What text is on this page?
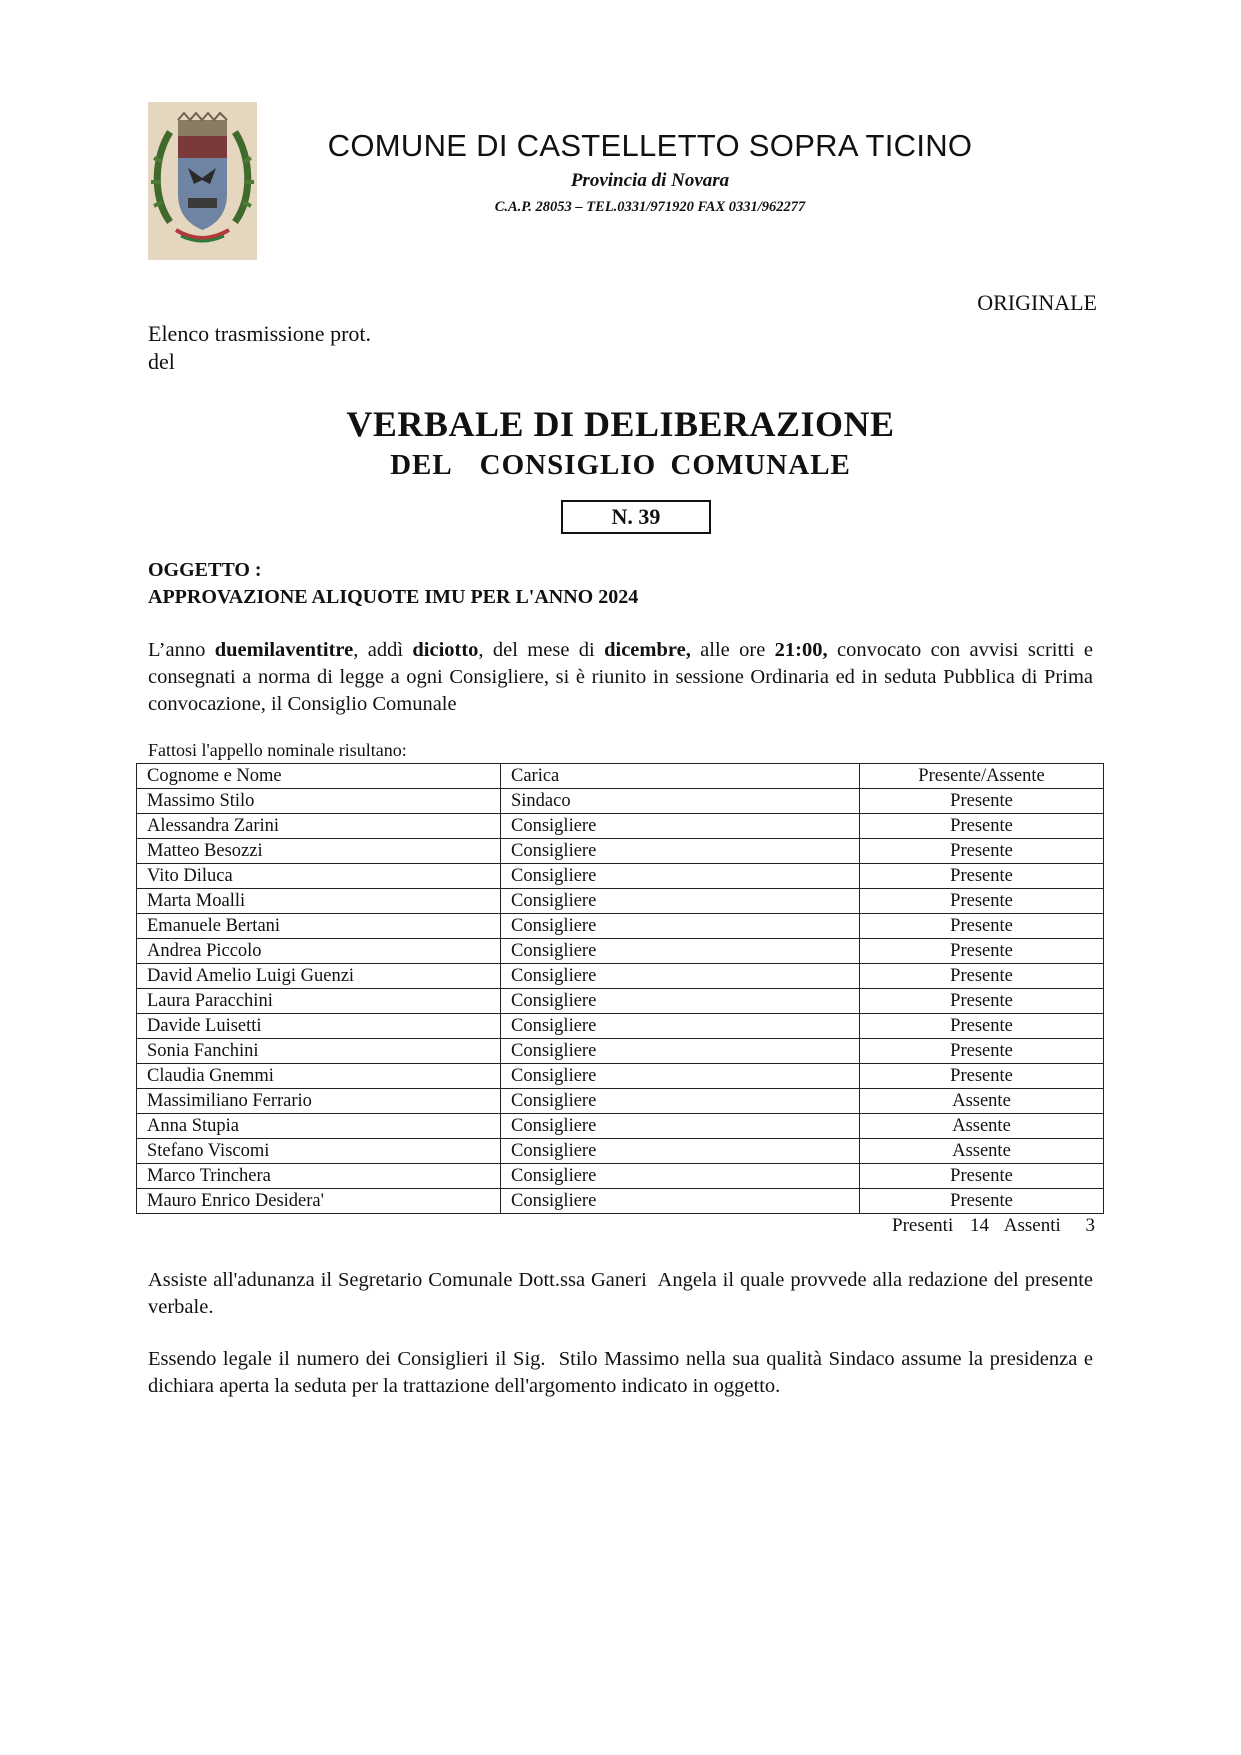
COMUNE DI CASTELLETTO SOPRA TICINO
Provincia di Novara
C.A.P. 28053 – TEL.0331/971920 FAX 0331/962277
ORIGINALE
Elenco trasmissione prot.
del
VERBALE DI DELIBERAZIONE
DEL  CONSIGLIO COMUNALE
N. 39
OGGETTO :
APPROVAZIONE ALIQUOTE IMU PER L'ANNO 2024
L’anno duemilaventitre, addì diciotto, del mese di dicembre, alle ore 21:00, convocato con avvisi scritti e consegnati a norma di legge a ogni Consigliere, si è riunito in sessione Ordinaria ed in seduta Pubblica di Prima convocazione, il Consiglio Comunale
Fattosi l'appello nominale risultano:
Cognome e Nome	Carica	Presente/Assente
Massimo Stilo	Sindaco	Presente
Alessandra Zarini	Consigliere	Presente
Matteo Besozzi	Consigliere	Presente
Vito Diluca	Consigliere	Presente
Marta Moalli	Consigliere	Presente
Emanuele Bertani	Consigliere	Presente
Andrea Piccolo	Consigliere	Presente
David Amelio Luigi Guenzi	Consigliere	Presente
Laura Paracchini	Consigliere	Presente
Davide Luisetti	Consigliere	Presente
Sonia Fanchini	Consigliere	Presente
Claudia Gnemmi	Consigliere	Presente
Massimiliano Ferrario	Consigliere	Assente
Anna Stupia	Consigliere	Assente
Stefano Viscomi	Consigliere	Assente
Marco Trinchera	Consigliere	Presente
Mauro Enrico Desidera'	Consigliere	Presente
Presenti 14 Assenti 3
Assiste all'adunanza il Segretario Comunale Dott.ssa Ganeri  Angela il quale provvede alla redazione del presente verbale.
Essendo legale il numero dei Consiglieri il Sig.  Stilo Massimo nella sua qualità Sindaco assume la presidenza e dichiara aperta la seduta per la trattazione dell'argomento indicato in oggetto.
